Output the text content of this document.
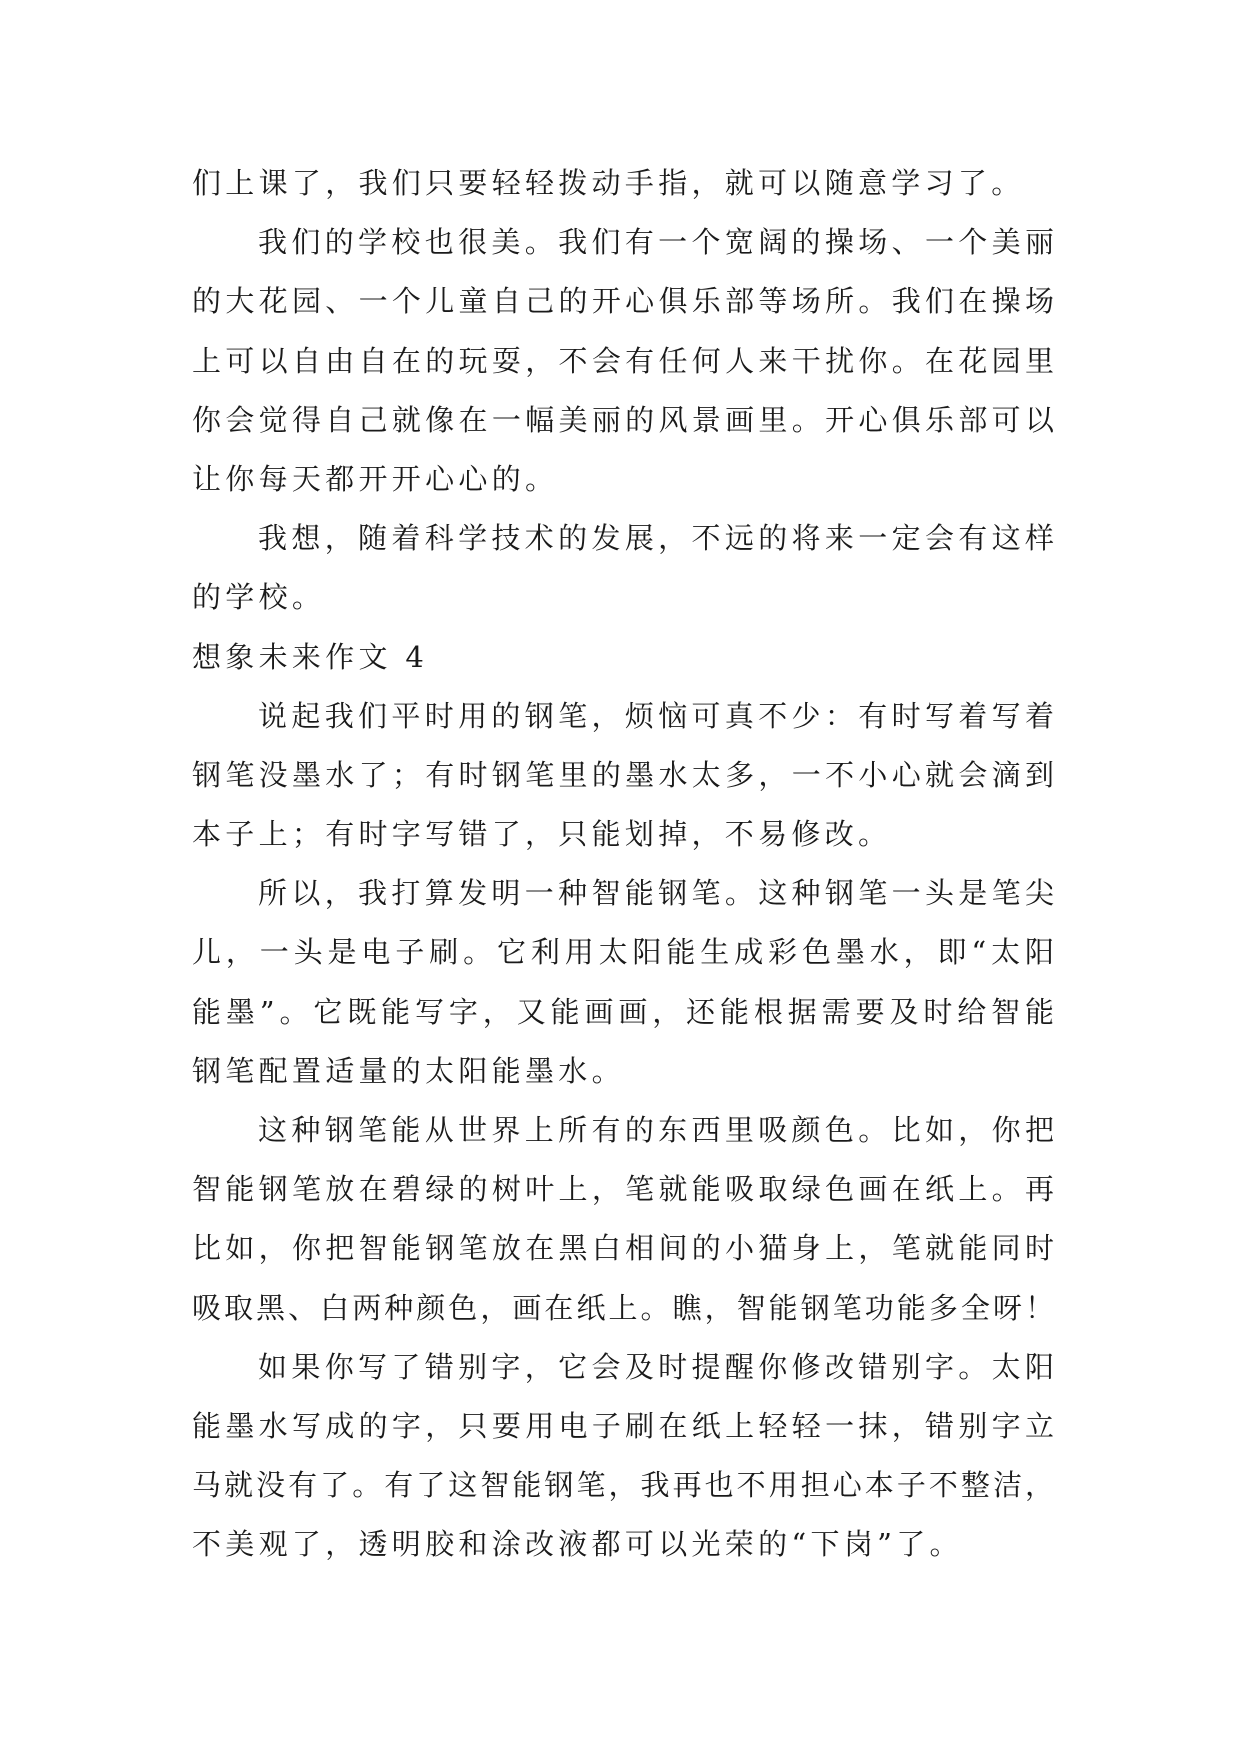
们上课了，我们只要轻轻拨动手指，就可以随意学习了。
我们的学校也很美。我们有一个宽阔的操场、一个美丽
的大花园、一个儿童自己的开心俱乐部等场所。我们在操场
上可以自由自在的玩耍，不会有任何人来干扰你。在花园里
你会觉得自己就像在一幅美丽的风景画里。开心俱乐部可以
让你每天都开开心心的。
我想，随着科学技术的发展，不远的将来一定会有这样
的学校。
想象未来作文 4
说起我们平时用的钢笔，烦恼可真不少：有时写着写着
钢笔没墨水了；有时钢笔里的墨水太多，一不小心就会滴到
本子上；有时字写错了，只能划掉，不易修改。
所以，我打算发明一种智能钢笔。这种钢笔一头是笔尖
儿，一头是电子刷。它利用太阳能生成彩色墨水，即“太阳
能墨”。它既能写字，又能画画，还能根据需要及时给智能
钢笔配置适量的太阳能墨水。
这种钢笔能从世界上所有的东西里吸颜色。比如，你把
智能钢笔放在碧绿的树叶上，笔就能吸取绿色画在纸上。再
比如，你把智能钢笔放在黑白相间的小猫身上，笔就能同时
吸取黑、白两种颜色，画在纸上。瞧，智能钢笔功能多全呀！
如果你写了错别字，它会及时提醒你修改错别字。太阳
能墨水写成的字，只要用电子刷在纸上轻轻一抹，错别字立
马就没有了。有了这智能钢笔，我再也不用担心本子不整洁，
不美观了，透明胶和涂改液都可以光荣的“下岗”了。
